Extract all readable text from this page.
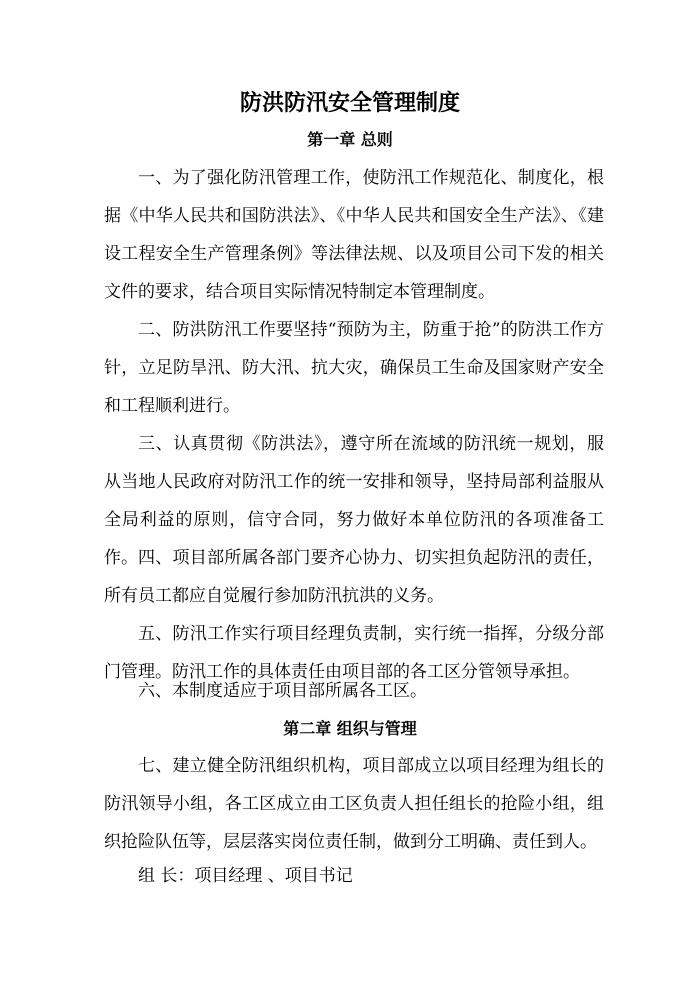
防洪防汛安全管理制度
第一章 总则
一、为了强化防汛管理工作，使防汛工作规范化、制度化，根据《中华人民共和国防洪法》、《中华人民共和国安全生产法》、《建设工程安全生产管理条例》等法律法规、以及项目公司下发的相关文件的要求，结合项目实际情况特制定本管理制度。
二、防洪防汛工作要坚持“预防为主，防重于抢”的防洪工作方针，立足防旱汛、防大汛、抗大灾，确保员工生命及国家财产安全和工程顺利进行。
三、认真贯彻《防洪法》，遵守所在流域的防汛统一规划，服从当地人民政府对防汛工作的统一安排和领导，坚持局部利益服从全局利益的原则，信守合同，努力做好本单位防汛的各项准备工作。 四、项目部所属各部门要齐心协力、切实担负起防汛的责任，所有员工都应自觉履行参加防汛抗洪的义务。
五、防汛工作实行项目经理负责制，实行统一指挥，分级分部门管理。防汛工作的具体责任由项目部的各工区分管领导承担。
六、本制度适应于项目部所属各工区。
第二章 组织与管理
七、建立健全防汛组织机构，项目部成立以项目经理为组长的防汛领导小组，各工区成立由工区负责人担任组长的抢险小组，组织抢险队伍等，层层落实岗位责任制，做到分工明确、责任到人。
组 长：项目经理 、项目书记
